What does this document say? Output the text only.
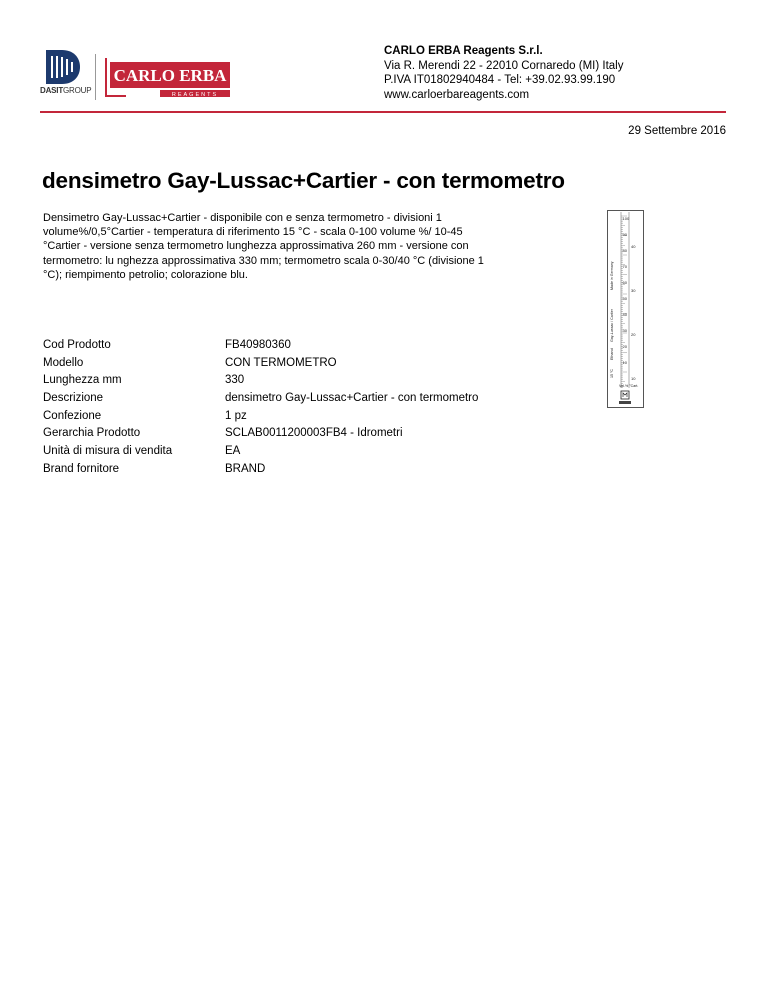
DASITGROUP
CARLO ERBA
REAGENTS
CARLO ERBA Reagents S.r.l.
Via R. Merendi 22 - 22010 Cornaredo (MI) Italy
P.IVA IT01802940484 - Tel: +39.02.93.99.190
www.carloerbareagents.com
29 Settembre 2016
densimetro Gay-Lussac+Cartier - con termometro
Densimetro Gay-Lussac+Cartier - disponibile con e senza termometro - divisioni 1 volume%/0,5°Cartier - temperatura di riferimento 15 °C - scala 0-100 volume %/ 10-45 °Cartier - versione senza termometro lunghezza approssimativa 260 mm - versione con termometro: lu nghezza approssimativa 330 mm; termometro scala 0-30/40 °C (divisione 1 °C); riempimento petrolio; colorazione blu.	Made in Germany
Gay-Lussac / Cartier
Ethanol
15 °C
Vol.% °Cart.
100
90
80
70
60
50
40
30
20
10
40
30
20
10
Cod Prodotto	FB40980360
Modello	CON TERMOMETRO
Lunghezza mm	330
Descrizione	densimetro Gay-Lussac+Cartier - con termometro
Confezione	1 pz
Gerarchia Prodotto	SCLAB0011200003FB4 - Idrometri
Unità di misura di vendita	EA
Brand fornitore	BRAND
